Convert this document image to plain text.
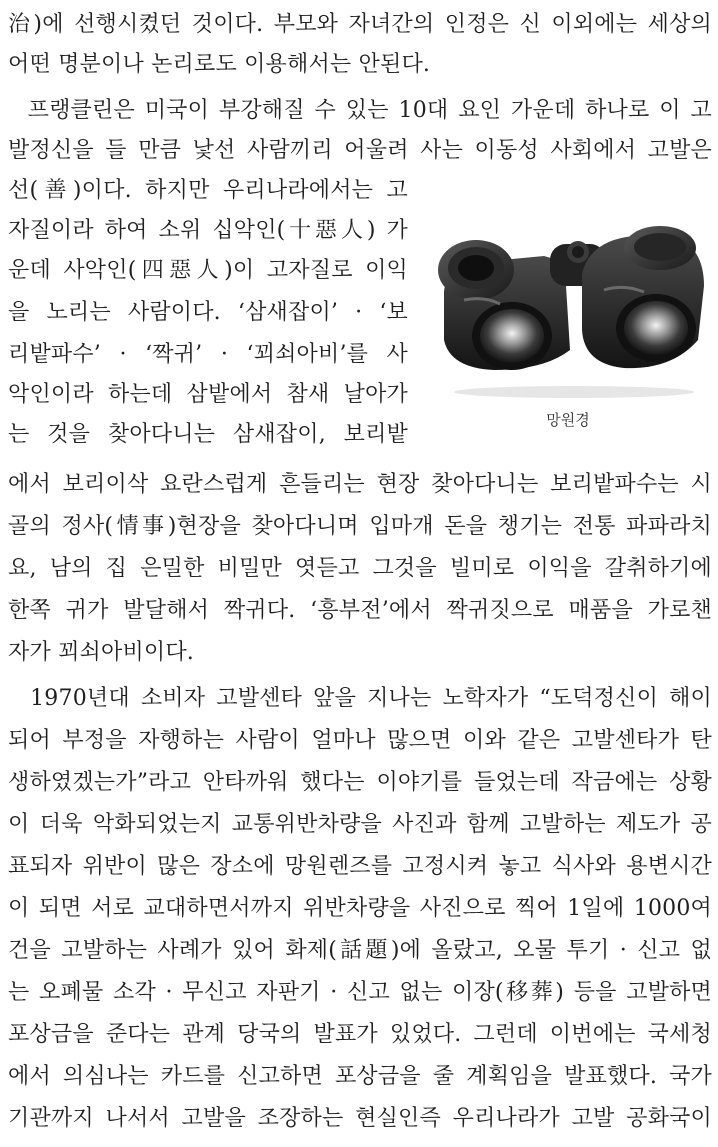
治)에 선행시켰던 것이다. 부모와 자녀간의 인정은 신 이외에는 세상의
어떤 명분이나 논리로도 이용해서는 안된다.
프랭클린은 미국이 부강해질 수 있는 10대 요인 가운데 하나로 이 고
발정신을 들 만큼 낯선 사람끼리 어울려 사는 이동성 사회에서 고발은
선(善)이다. 하지만 우리나라에서는 고
자질이라 하여 소위 십악인(十惡人) 가
운데 사악인(四惡人)이 고자질로 이익
을 노리는 사람이다. ‘삼새잡이’ · ‘보
리밭파수’ · ‘짝귀’ · ‘꾀쇠아비’를 사
악인이라 하는데 삼밭에서 참새 날아가
는 것을 찾아다니는 삼새잡이, 보리밭
망원경
에서 보리이삭 요란스럽게 흔들리는 현장 찾아다니는 보리밭파수는 시
골의 정사(情事)현장을 찾아다니며 입마개 돈을 챙기는 전통 파파라치
요, 남의 집 은밀한 비밀만 엿듣고 그것을 빌미로 이익을 갈취하기에
한쪽 귀가 발달해서 짝귀다. ‘흥부전’에서 짝귀짓으로 매품을 가로챈
자가 꾀쇠아비이다.
1970년대 소비자 고발센타 앞을 지나는 노학자가 “도덕정신이 해이
되어 부정을 자행하는 사람이 얼마나 많으면 이와 같은 고발센타가 탄
생하였겠는가”라고 안타까워 했다는 이야기를 들었는데 작금에는 상황
이 더욱 악화되었는지 교통위반차량을 사진과 함께 고발하는 제도가 공
표되자 위반이 많은 장소에 망원렌즈를 고정시켜 놓고 식사와 용변시간
이 되면 서로 교대하면서까지 위반차량을 사진으로 찍어 1일에 1000여
건을 고발하는 사례가 있어 화제(話題)에 올랐고, 오물 투기 · 신고 없
는 오폐물 소각 · 무신고 자판기 · 신고 없는 이장(移葬) 등을 고발하면
포상금을 준다는 관계 당국의 발표가 있었다. 그런데 이번에는 국세청
에서 의심나는 카드를 신고하면 포상금을 줄 계획임을 발표했다. 국가
기관까지 나서서 고발을 조장하는 현실인즉 우리나라가 고발 공화국이
